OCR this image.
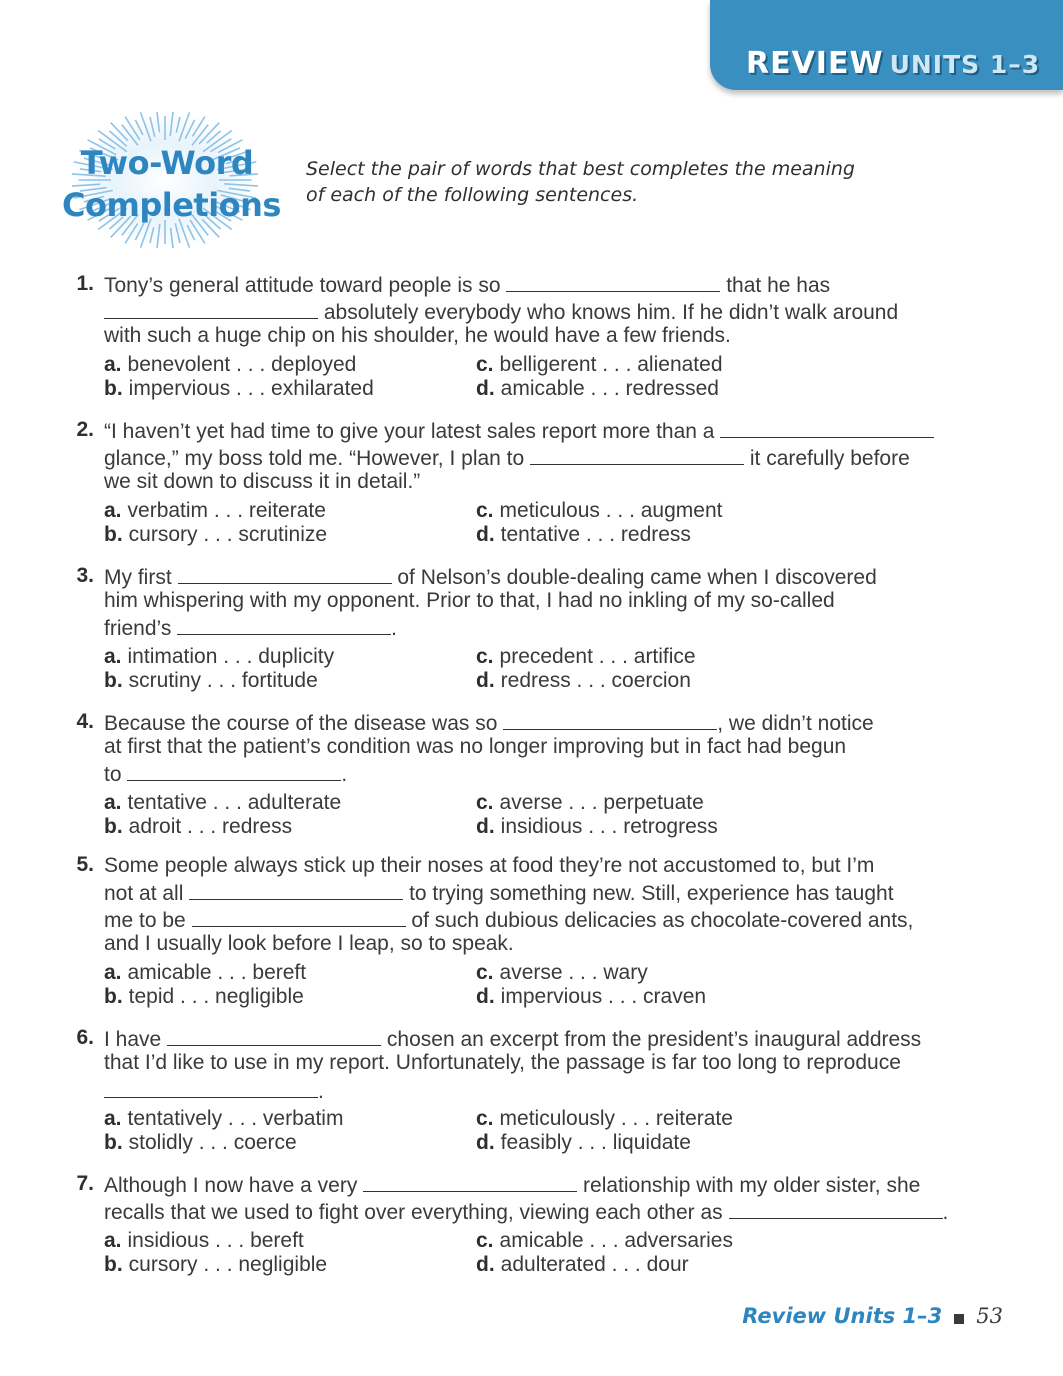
REVIEW UNITS 1–3
Two-Word
Completions
Select the pair of words that best completes the meaning of each of the following sentences.
1. Tony’s general attitude toward people is so	that he has
absolutely everybody who knows him. If he didn’t walk around
with such a huge chip on his shoulder, he would have a few friends.
a. benevolent . . . deployed
b. impervious . . . exhilarated
c. belligerent . . . alienated
d. amicable . . . redressed
2. “I haven’t yet had time to give your latest sales report more than a
glance,” my boss told me. “However, I plan to	it carefully before
we sit down to discuss it in detail.”
a. verbatim . . . reiterate
b. cursory . . . scrutinize
c. meticulous . . . augment
d. tentative . . . redress
3. My first	of Nelson’s double-dealing came when I discovered
him whispering with my opponent. Prior to that, I had no inkling of my so-called
friend’s	.
a. intimation . . . duplicity
b. scrutiny . . . fortitude
c. precedent . . . artifice
d. redress . . . coercion
4. Because the course of the disease was so	, we didn’t notice
at first that the patient’s condition was no longer improving but in fact had begun
to	.
a. tentative . . . adulterate
b. adroit . . . redress
c. averse . . . perpetuate
d. insidious . . . retrogress
5. Some people always stick up their noses at food they’re not accustomed to, but I’m
not at all	to trying something new. Still, experience has taught
me to be	of such dubious delicacies as chocolate-covered ants,
and I usually look before I leap, so to speak.
a. amicable . . . bereft
b. tepid . . . negligible
c. averse . . . wary
d. impervious . . . craven
6. I have	chosen an excerpt from the president’s inaugural address
that I’d like to use in my report. Unfortunately, the passage is far too long to reproduce
.
a. tentatively . . . verbatim
b. stolidly . . . coerce
c. meticulously . . . reiterate
d. feasibly . . . liquidate
7. Although I now have a very	relationship with my older sister, she
recalls that we used to fight over everything, viewing each other as	.
a. insidious . . . bereft
b. cursory . . . negligible
c. amicable . . . adversaries
d. adulterated . . . dour
Review Units 1–3 53
